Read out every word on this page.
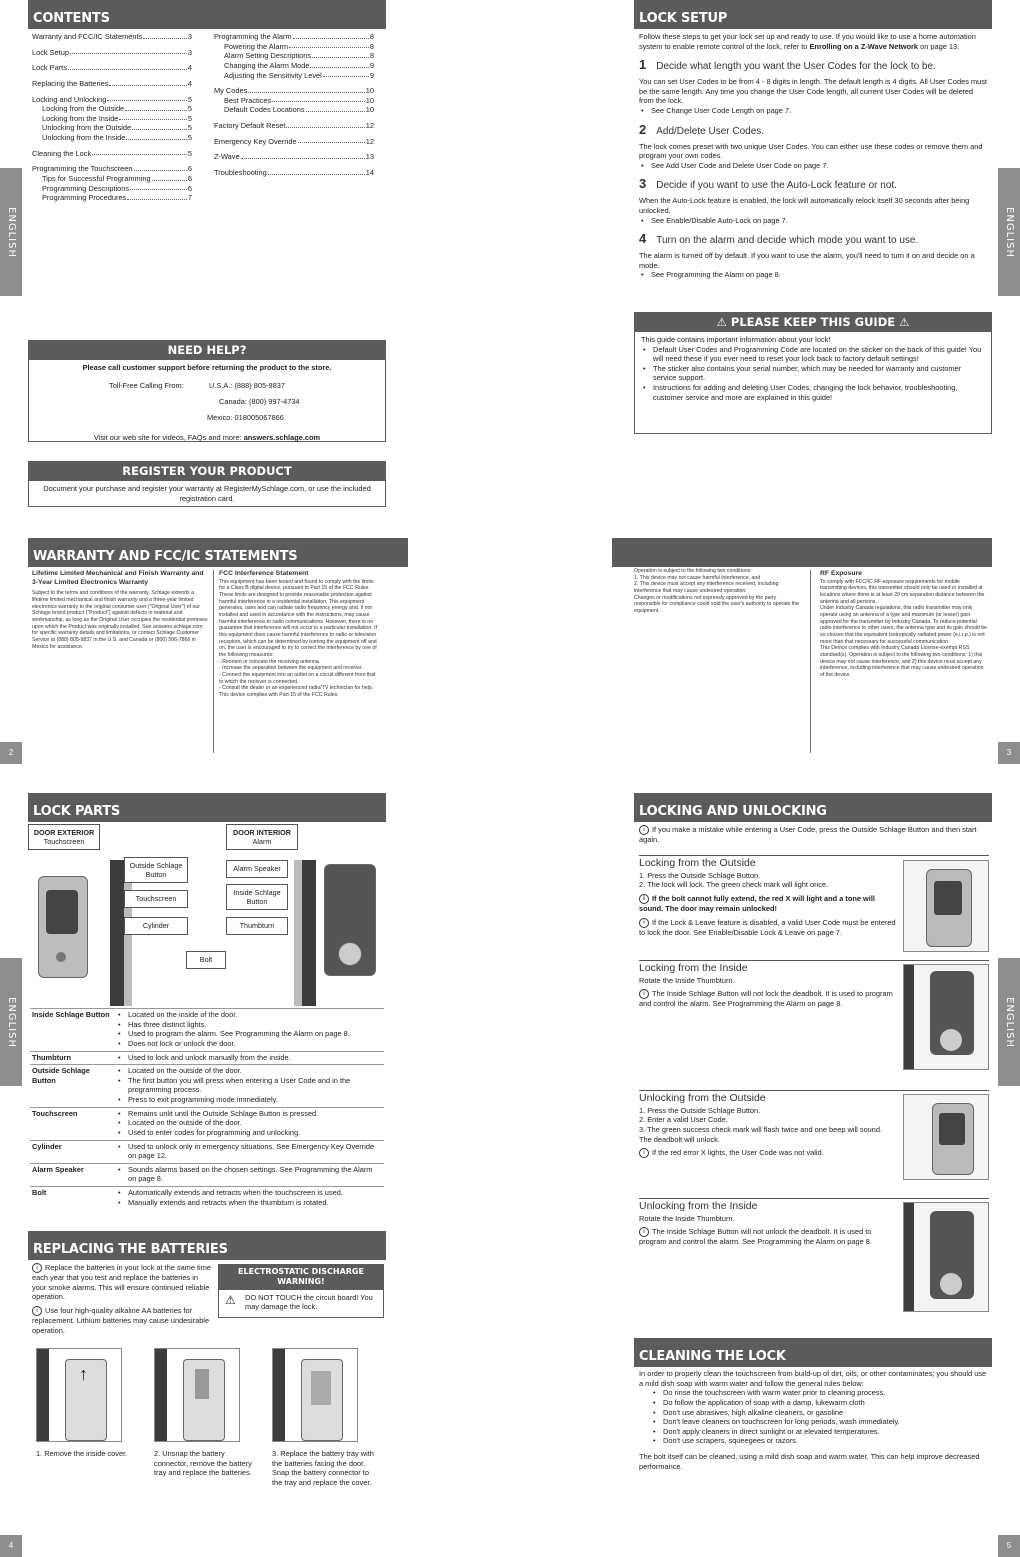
CONTENTS
Warranty and FCC/IC Statements	3
Lock Setup	3
Lock Parts	4
Replacing the Batteries	4
Locking and Unlocking	5
Locking from the Outside	5
Locking from the Inside	5
Unlocking from the Outside	5
Unlocking from the Inside	5
Cleaning the Lock	5
Programming the Touchscreen	6
Tips for Successful Programming	6
Programming Descriptions	6
Programming Procedures	7
Programming the Alarm	8
Powering the Alarm	8
Alarm Setting Descriptions	8
Changing the Alarm Mode	9
Adjusting the Sensitivity Level	9
My Codes	10
Best Practices	10
Default Codes Locations	10
Factory Default Reset	12
Emergency Key Override	12
Z-Wave	13
Troubleshooting	14
ENGLISH	ENGLISH
NEED HELP?
Please call customer support before returning the product to the store.
Toll-Free Calling From:	U.S.A.: (888) 805-9837
Canada: (800) 997-4734
Mexico: 018005067866
Visit our web site for videos, FAQs and more: answers.schlage.com
REGISTER YOUR PRODUCT
Document your purchase and register your warranty at RegisterMySchlage.com, or use the included registration card.
LOCK SETUP
Follow these steps to get your lock set up and ready to use. If you would like to use a home automation system to enable remote control of the lock, refer to Enrolling on a Z-Wave Network on page 13.
1 Decide what length you want the User Codes for the lock to be.
You can set User Codes to be from 4 - 8 digits in length. The default length is 4 digits. All User Codes must be the same length. Any time you change the User Code length, all current User Codes will be deleted from the lock.
• See Change User Code Length on page 7.
2 Add/Delete User Codes.
The lock comes preset with two unique User Codes. You can either use these codes or remove them and program your own codes.
• See Add User Code and Delete User Code on page 7.
3 Decide if you want to use the Auto-Lock feature or not.
When the Auto-Lock feature is enabled, the lock will automatically relock itself 30 seconds after being unlocked.
• See Enable/Disable Auto-Lock on page 7.
4 Turn on the alarm and decide which mode you want to use.
The alarm is turned off by default. If you want to use the alarm, you'll need to turn it on and decide on a mode.
• See Programming the Alarm on page 8.
⚠ PLEASE KEEP THIS GUIDE ⚠
This guide contains important information about your lock!
• Default User Codes and Programming Code are located on the sticker on the back of this guide! You will need these if you ever need to reset your lock back to factory default settings!
• The sticker also contains your serial number, which may be needed for warranty and customer service support.
• Instructions for adding and deleting User Codes, changing the lock behavior, troubleshooting, customer service and more are explained in this guide!
WARRANTY AND FCC/IC STATEMENTS
Lifetime Limited Mechanical and Finish Warranty and 3-Year Limited Electronics Warranty
Subject to the terms and conditions of the warranty, Schlage extends a lifetime limited mechanical and finish warranty and a three-year limited electronics warranty to the original consumer user ("Original User") of our Schlage brand product ("Product") against defects in material and workmanship, as long as the Original User occupies the residential premises upon which the Product was originally installed. See answers.schlage.com for specific warranty details and limitations, or contact Schlage Customer Service at (888) 805-9837 in the U.S. and Canada or (800) 506-7866 in Mexico for assistance.
FCC Interference Statement
This equipment has been tested and found to comply with the limits for a Class B digital device, pursuant to Part 15 of the FCC Rules. These limits are designed to provide reasonable protection against harmful interference in a residential installation. This equipment generates, uses and can radiate radio frequency energy and, if not installed and used in accordance with the instructions, may cause harmful interference to radio communications. However, there is no guarantee that interference will not occur in a particular installation. If this equipment does cause harmful interference to radio or television reception, which can be determined by turning the equipment off and on, the user is encouraged to try to correct the interference by one of the following measures:
- Reorient or relocate the receiving antenna.
- Increase the separation between the equipment and receiver.
- Connect the equipment into an outlet on a circuit different from that to which the receiver is connected.
- Consult the dealer or an experienced radio/TV technician for help.
This device complies with Part 15 of the FCC Rules.
Operation is subject to the following two conditions:
1. This device may not cause harmful interference, and
2. This device must accept any interference received, including interference that may cause undesired operation.
Changes or modifications not expressly approved by the party responsible for compliance could void the user's authority to operate the equipment.
RF Exposure
To comply with FCC/IC RF exposure requirements for mobile transmitting devices, this transmitter should only be used or installed at locations where there is at least 20 cm separation distance between the antenna and all persons.
Under Industry Canada regulations, this radio transmitter may only operate using an antenna of a type and maximum (or lesser) gain approved for the transmitter by Industry Canada. To reduce potential radio interference to other users, the antenna type and its gain should be so chosen that the equivalent isotropically radiated power (e.i.r.p.) is not more than that necessary for successful communication.
This Device complies with Industry Canada License-exempt RSS standard(s). Operation is subject to the following two conditions: 1) this device may not cause interference, and 2) this device must accept any interference, including interference that may cause undesired operation of the device.
2	3
LOCK PARTS
ENGLISH	ENGLISH
DOOR EXTERIOR
Touchscreen
DOOR INTERIOR
Alarm
Outside Schlage Button
Touchscreen
Cylinder
Bolt
Alarm Speaker
Inside Schlage Button
Thumbturn
Inside Schlage Button	• Located on the inside of the door.
• Has three distinct lights.
• Used to program the alarm. See Programming the Alarm on page 8.
• Does not lock or unlock the door.

Thumbturn	• Used to lock and unlock manually from the inside.

Outside Schlage Button	• Located on the outside of the door.
• The first button you will press when entering a User Code and in the programming process.
• Press to exit programming mode immediately.

Touchscreen	• Remains unlit until the Outside Schlage Button is pressed.
• Located on the outside of the door.
• Used to enter codes for programming and unlocking.

Cylinder	• Used to unlock only in emergency situations. See Emergency Key Override on page 12.

Alarm Speaker	• Sounds alarms based on the chosen settings. See Programming the Alarm on page 8.

Bolt	• Automatically extends and retracts when the touchscreen is used.
• Manually extends and retracts when the thumbturn is rotated.
REPLACING THE BATTERIES
i Replace the batteries in your lock at the same time each year that you test and replace the batteries in your smoke alarms. This will ensure continued reliable operation.
i Use four high-quality alkaline AA batteries for replacement. Lithium batteries may cause undesirable operation.
ELECTROSTATIC DISCHARGE WARNING!
⚠ DO NOT TOUCH the circuit board! You may damage the lock.
↑
1. Remove the inside cover.	2. Unsnap the battery connector, remove the battery tray and replace the batteries.
3. Replace the battery tray with the batteries facing the door. Snap the battery connector to the tray and replace the cover.
LOCKING AND UNLOCKING
i If you make a mistake while entering a User Code, press the Outside Schlage Button and then start again.
Locking from the Outside
1. Press the Outside Schlage Button.
2. The lock will lock. The green check mark will light once.
i If the bolt cannot fully extend, the red X will light and a tone will sound. The door may remain unlocked!
i If the Lock & Leave feature is disabled, a valid User Code must be entered to lock the door. See Enable/Disable Lock & Leave on page 7.
Locking from the Inside
Rotate the Inside Thumbturn.
i The Inside Schlage Button will not lock the deadbolt. It is used to program and control the alarm. See Programming the Alarm on page 8.
Unlocking from the Outside
1. Press the Outside Schlage Button.
2. Enter a valid User Code.
3. The green success check mark will flash twice and one beep will sound. The deadbolt will unlock.
i If the red error X lights, the User Code was not valid.
Unlocking from the Inside
Rotate the Inside Thumbturn.
i The Inside Schlage Button will not unlock the deadbolt. It is used to program and control the alarm. See Programming the Alarm on page 8.
CLEANING THE LOCK
In order to properly clean the touchscreen from build-up of dirt, oils, or other contaminates; you should use a mild dish soap with warm water and follow the general rules below:
• Do rinse the touchscreen with warm water prior to cleaning process.
• Do follow the application of soap with a damp, lukewarm cloth
• Don't use abrasives, high alkaline cleaners, or gasoline
• Don't leave cleaners on touchscreen for long periods, wash immediately.
• Don't apply cleaners in direct sunlight or at elevated temperatures.
• Don't use scrapers, squeegees or razors.
The bolt itself can be cleaned, using a mild dish soap and warm water. This can help improve decreased performance.
4	5
